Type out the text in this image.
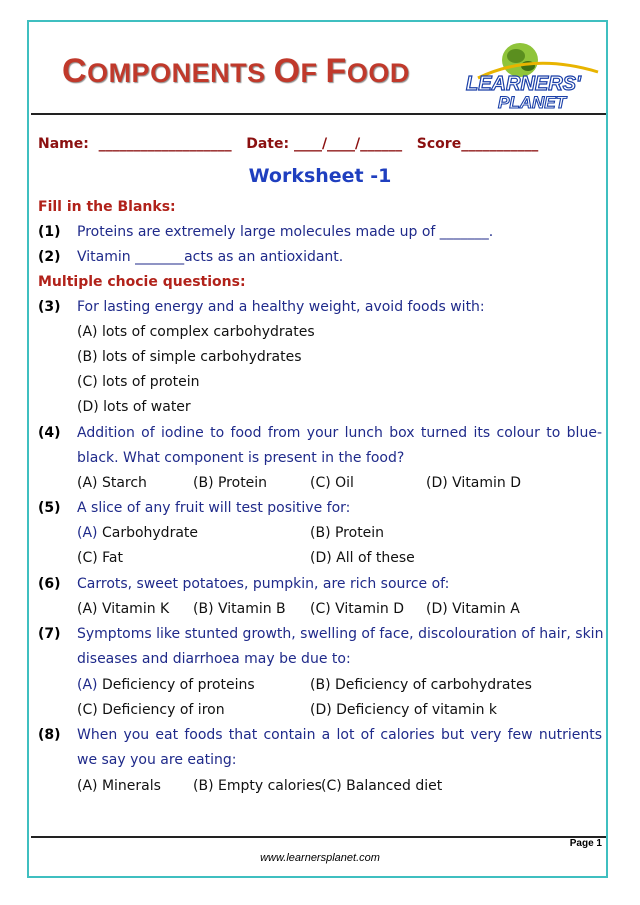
COMPONENTS OF FOOD	LEARNERS'
PLANET
Name:  ___________________   Date: ____/____/______   Score___________
Worksheet -1
Fill in the Blanks:
(1) Proteins are extremely large molecules made up of _______.
(2) Vitamin _______acts as an antioxidant.
Multiple chocie questions:
(3) For lasting energy and a healthy weight, avoid foods with:
(A) lots of complex carbohydrates
(B) lots of simple carbohydrates
(C) lots of protein
(D) lots of water
(4) Addition of iodine to food from your lunch box turned its colour to blue-
black. What component is present in the food?
(A) Starch	(B) Protein	(C) Oil	(D) Vitamin D
(5) A slice of any fruit will test positive for:
(A) Carbohydrate	(B) Protein
(C) Fat	(D) All of these
(6) Carrots, sweet potatoes, pumpkin, are rich source of:
(A) Vitamin K (B) Vitamin B (C) Vitamin D (D) Vitamin A
(7) Symptoms like stunted growth, swelling of face, discolouration of hair, skin
diseases and diarrhoea may be due to:
(A) Deficiency of proteins	(B) Deficiency of carbohydrates
(C) Deficiency of iron	(D) Deficiency of vitamin k
(8) When you eat foods that contain a lot of calories but very few nutrients
we say you are eating:
(A) Minerals (B) Empty calories (C) Balanced diet
Page 1
www.learnersplanet.com
